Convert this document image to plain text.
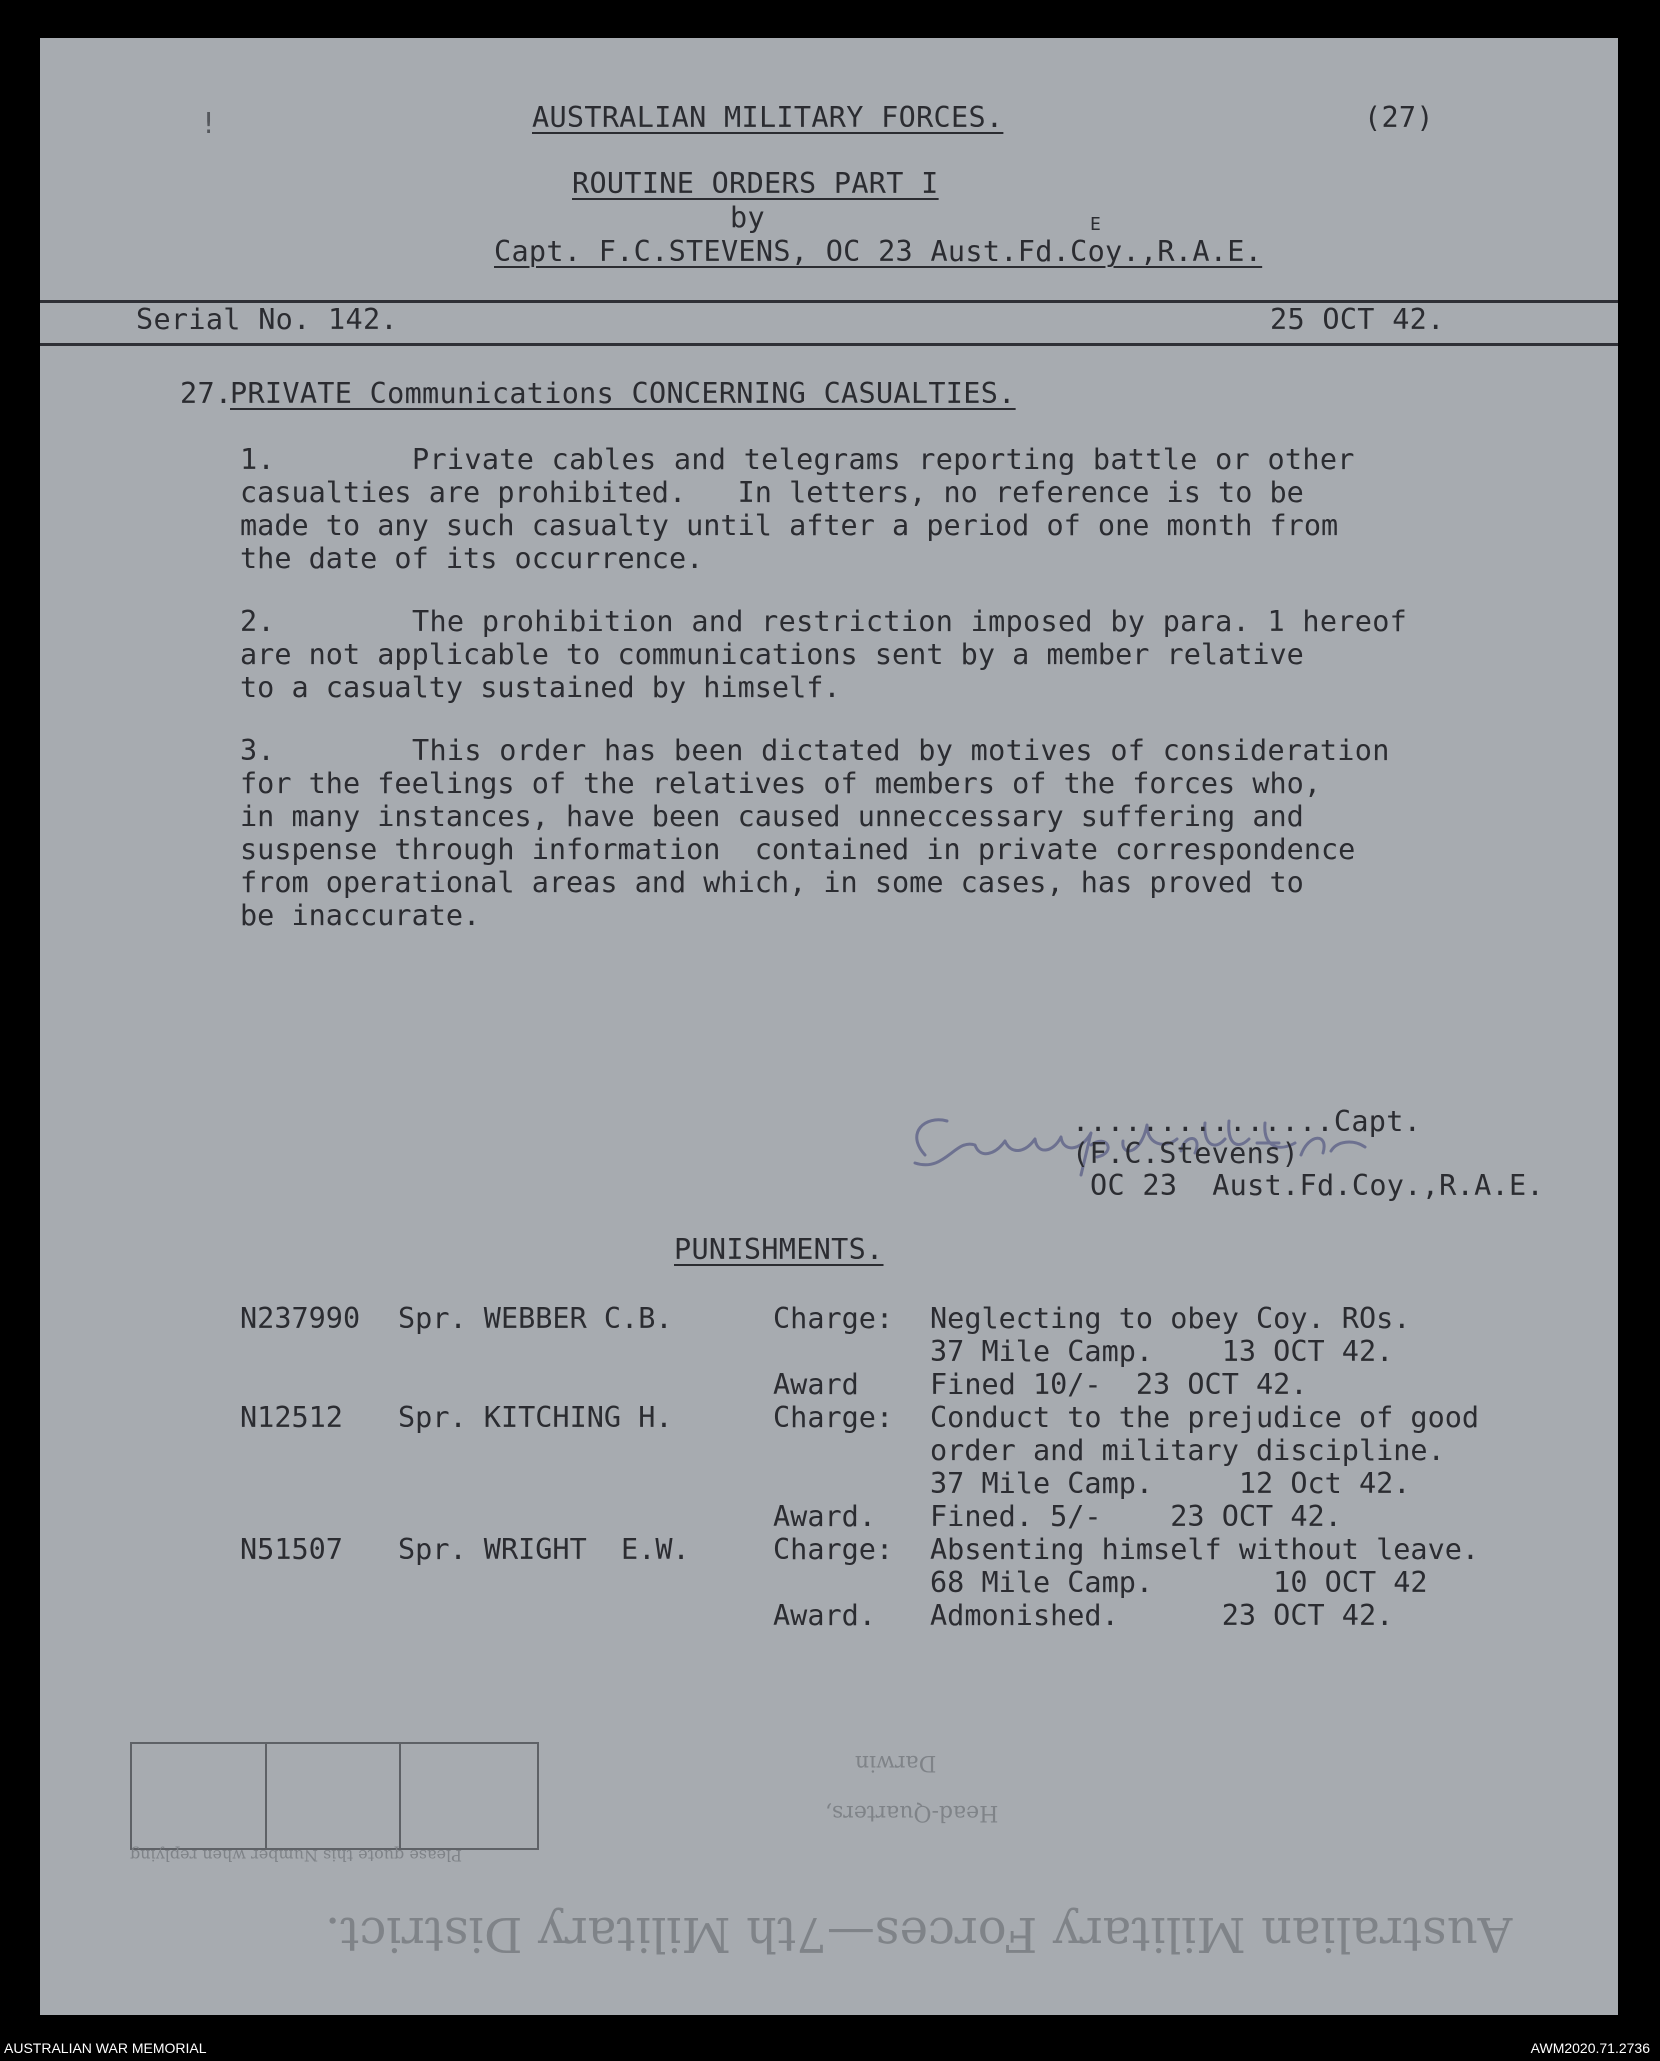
!	AUSTRALIAN MILITARY FORCES.	(27)
ROUTINE ORDERS PART I
by	E
Capt. F.C.STEVENS, OC 23 Aust.Fd.Coy.,R.A.E.
Serial No. 142.	25 OCT 42.
27.
PRIVATE Communications CONCERNING CASUALTIES.
1.	Private cables and telegrams reporting battle or other
casualties are prohibited.   In letters, no reference is to be
made to any such casualty until after a period of one month from
the date of its occurrence.
2.	The prohibition and restriction imposed by para. 1 hereof
are not applicable to communications sent by a member relative
to a casualty sustained by himself.
3.	This order has been dictated by motives of consideration
for the feelings of the relatives of members of the forces who,
in many instances, have been caused unneccessary suffering and
suspense through information  contained in private correspondence
from operational areas and which, in some cases, has proved to
be inaccurate.
...............Capt.
(F.C.Stevens)
OC 23  Aust.Fd.Coy.,R.A.E.
PUNISHMENTS.
N237990 Spr. WEBBER C.B.	Charge: Neglecting to obey Coy. ROs.
37 Mile Camp.    13 OCT 42.
Award Fined 10/-  23 OCT 42.
N12512 Spr. KITCHING H.	Charge: Conduct to the prejudice of good
order and military discipline.
37 Mile Camp.     12 Oct 42.
Award. Fined. 5/-    23 OCT 42.
N51507 Spr. WRIGHT  E.W.	Charge: Absenting himself without leave.
68 Mile Camp.       10 OCT 42
Award. Admonished.      23 OCT 42.
Australian Military Forces—7th Military District.
Head-Quarters,
Darwin
Please quote this Number when replying
AUSTRALIAN WAR MEMORIAL	AWM2020.71.2736
